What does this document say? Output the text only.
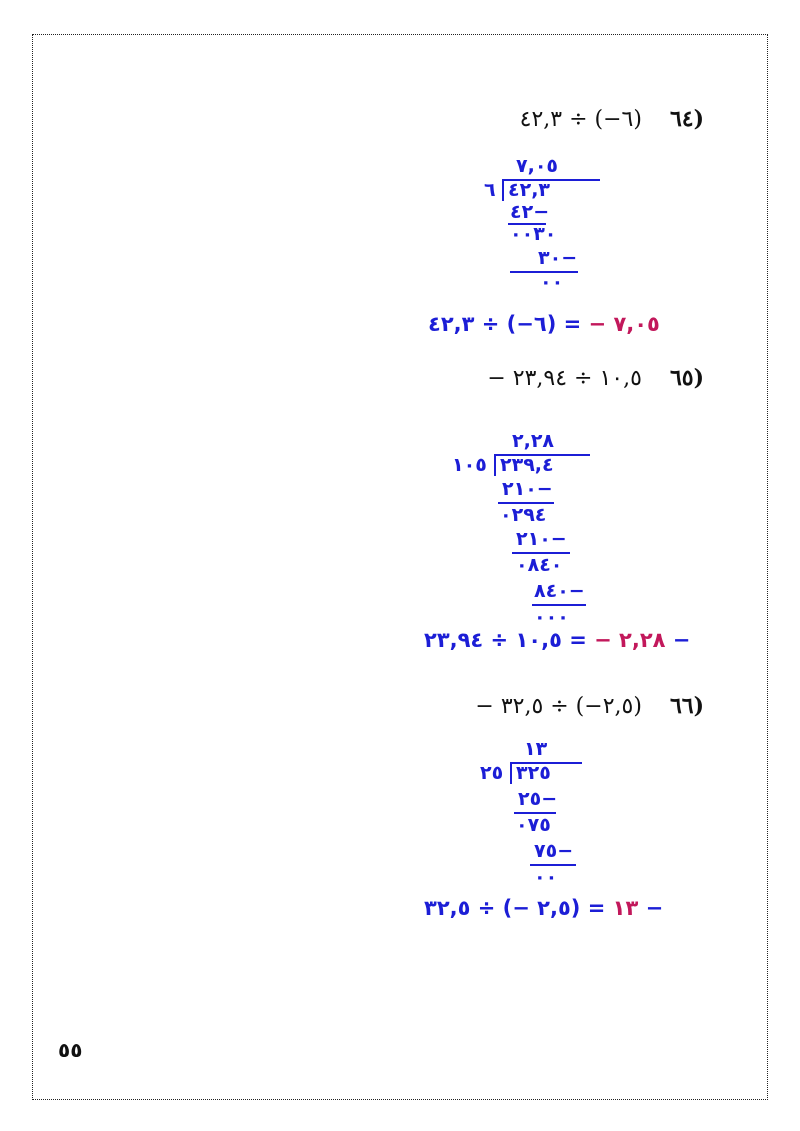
(٦٤    (٦−) ÷ ٤٢,٣
٧,٠٥
٦ ٤٢,٣
٤٢−
٠٠٣٠
٣٠−
٠٠
٧,٠٥ − = (٦−) ÷ ٤٢,٣
(٦٥    ١٠,٥ ÷ ٢٣,٩٤ −
٢,٢٨
١٠٥ ٢٣٩,٤
٢١٠−
٠٢٩٤
٢١٠−
٠٨٤٠
٨٤٠−
٠٠٠
٢,٢٨ − = ١٠,٥ ÷ ٢٣,٩٤ −
(٦٦    (٢,٥−) ÷ ٣٢,٥ −
١٣
٢٥ ٣٢٥
٢٥−
٠٧٥
٧٥−
٠٠
١٣ = (٢,٥ −) ÷ ٣٢,٥ −
٥٥
